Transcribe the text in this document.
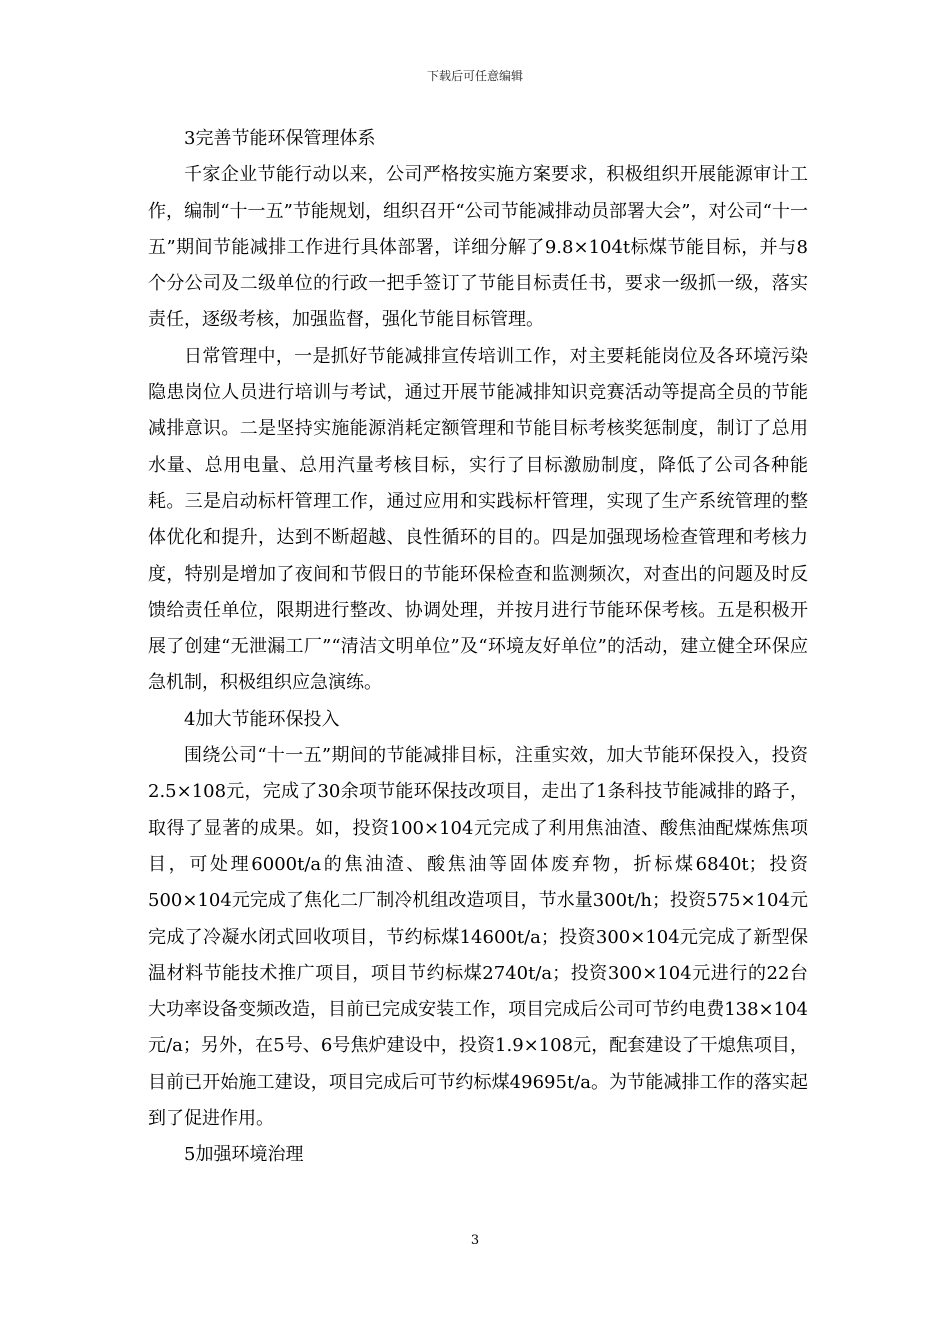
下载后可任意编辑
3完善节能环保管理体系

千家企业节能行动以来，公司严格按实施方案要求，积极组织开展能源审计工作，编制“十一五”节能规划，组织召开“公司节能减排动员部署大会”，对公司“十一五”期间节能减排工作进行具体部署，详细分解了9.8×104t标煤节能目标，并与8个分公司及二级单位的行政一把手签订了节能目标责任书，要求一级抓一级，落实责任，逐级考核，加强监督，强化节能目标管理。

日常管理中，一是抓好节能减排宣传培训工作，对主要耗能岗位及各环境污染隐患岗位人员进行培训与考试，通过开展节能减排知识竞赛活动等提高全员的节能减排意识。二是坚持实施能源消耗定额管理和节能目标考核奖惩制度，制订了总用水量、总用电量、总用汽量考核目标，实行了目标激励制度，降低了公司各种能耗。三是启动标杆管理工作，通过应用和实践标杆管理，实现了生产系统管理的整体优化和提升，达到不断超越、良性循环的目的。四是加强现场检查管理和考核力度，特别是增加了夜间和节假日的节能环保检查和监测频次，对查出的问题及时反馈给责任单位，限期进行整改、协调处理，并按月进行节能环保考核。五是积极开展了创建“无泄漏工厂”“清洁文明单位”及“环境友好单位”的活动，建立健全环保应急机制，积极组织应急演练。

4加大节能环保投入

围绕公司“十一五”期间的节能减排目标，注重实效，加大节能环保投入，投资2.5×108元，完成了30余项节能环保技改项目，走出了1条科技节能减排的路子，取得了显著的成果。如，投资100×104元完成了利用焦油渣、酸焦油配煤炼焦项目，可处理6000t/a的焦油渣、酸焦油等固体废弃物，折标煤6840t；投资500×104元完成了焦化二厂制冷机组改造项目，节水量300t/h；投资575×104元完成了冷凝水闭式回收项目，节约标煤14600t/a；投资300×104元完成了新型保温材料节能技术推广项目，项目节约标煤2740t/a；投资300×104元进行的22台大功率设备变频改造，目前已完成安装工作，项目完成后公司可节约电费138×104元/a；另外，在5号、6号焦炉建设中，投资1.9×108元，配套建设了干熄焦项目，目前已开始施工建设，项目完成后可节约标煤49695t/a。为节能减排工作的落实起到了促进作用。

5加强环境治理
3
